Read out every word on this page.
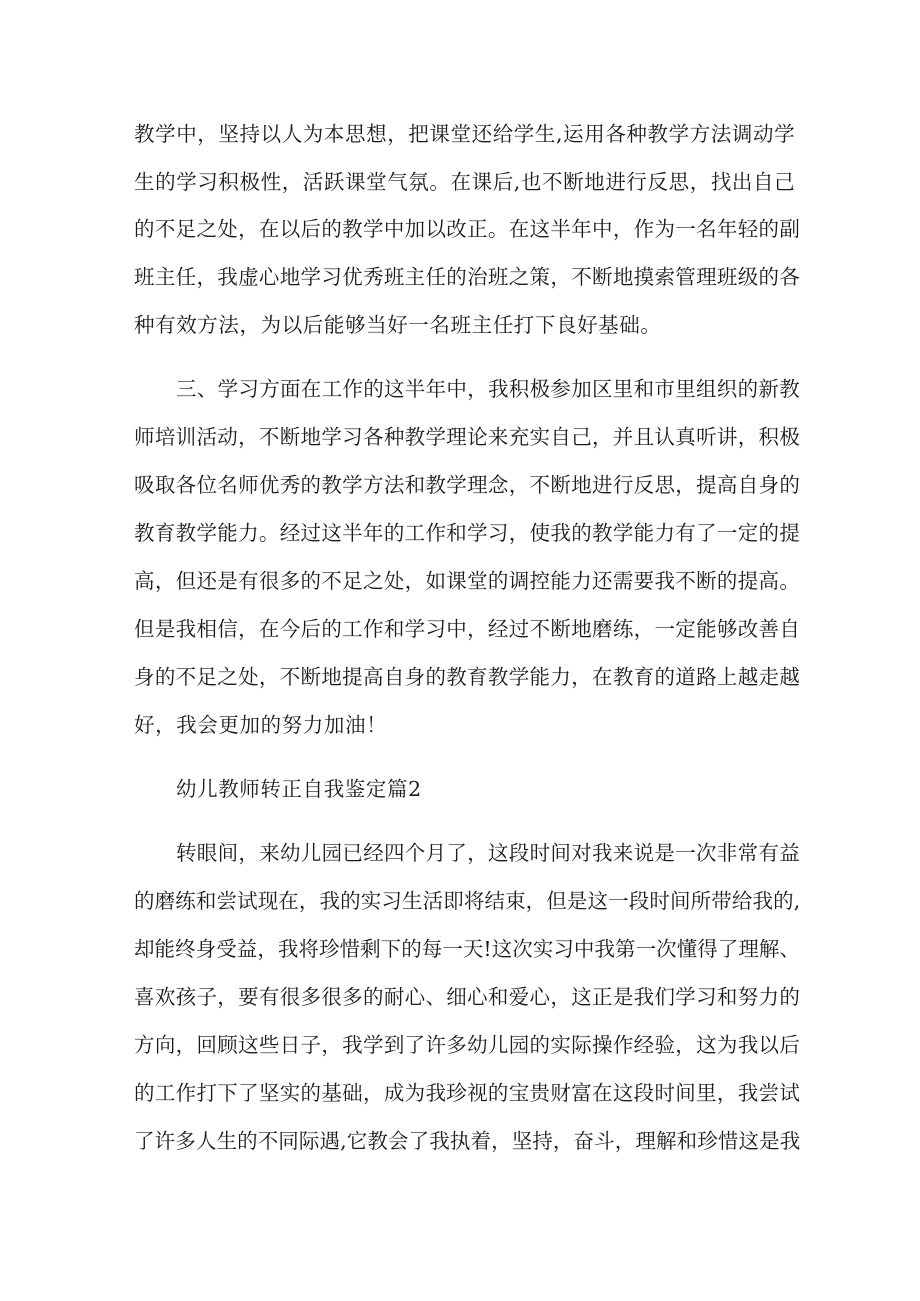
教学中，坚持以人为本思想，把课堂还给学生,运用各种教学方法调动学
生的学习积极性，活跃课堂气氛。在课后,也不断地进行反思，找出自己
的不足之处，在以后的教学中加以改正。在这半年中，作为一名年轻的副
班主任，我虚心地学习优秀班主任的治班之策，不断地摸索管理班级的各
种有效方法，为以后能够当好一名班主任打下良好基础。
三、学习方面在工作的这半年中，我积极参加区里和市里组织的新教
师培训活动，不断地学习各种教学理论来充实自己，并且认真听讲，积极
吸取各位名师优秀的教学方法和教学理念，不断地进行反思，提高自身的
教育教学能力。经过这半年的工作和学习，使我的教学能力有了一定的提
高，但还是有很多的不足之处，如课堂的调控能力还需要我不断的提高。
但是我相信，在今后的工作和学习中，经过不断地磨练，一定能够改善自
身的不足之处，不断地提高自身的教育教学能力，在教育的道路上越走越
好，我会更加的努力加油！
幼儿教师转正自我鉴定篇2
转眼间，来幼儿园已经四个月了，这段时间对我来说是一次非常有益
的磨练和尝试现在，我的实习生活即将结束，但是这一段时间所带给我的,
却能终身受益，我将珍惜剩下的每一天!这次实习中我第一次懂得了理解、
喜欢孩子，要有很多很多的耐心、细心和爱心，这正是我们学习和努力的
方向，回顾这些日子，我学到了许多幼儿园的实际操作经验，这为我以后
的工作打下了坚实的基础，成为我珍视的宝贵财富在这段时间里，我尝试
了许多人生的不同际遇,它教会了我执着，坚持，奋斗，理解和珍惜这是我
